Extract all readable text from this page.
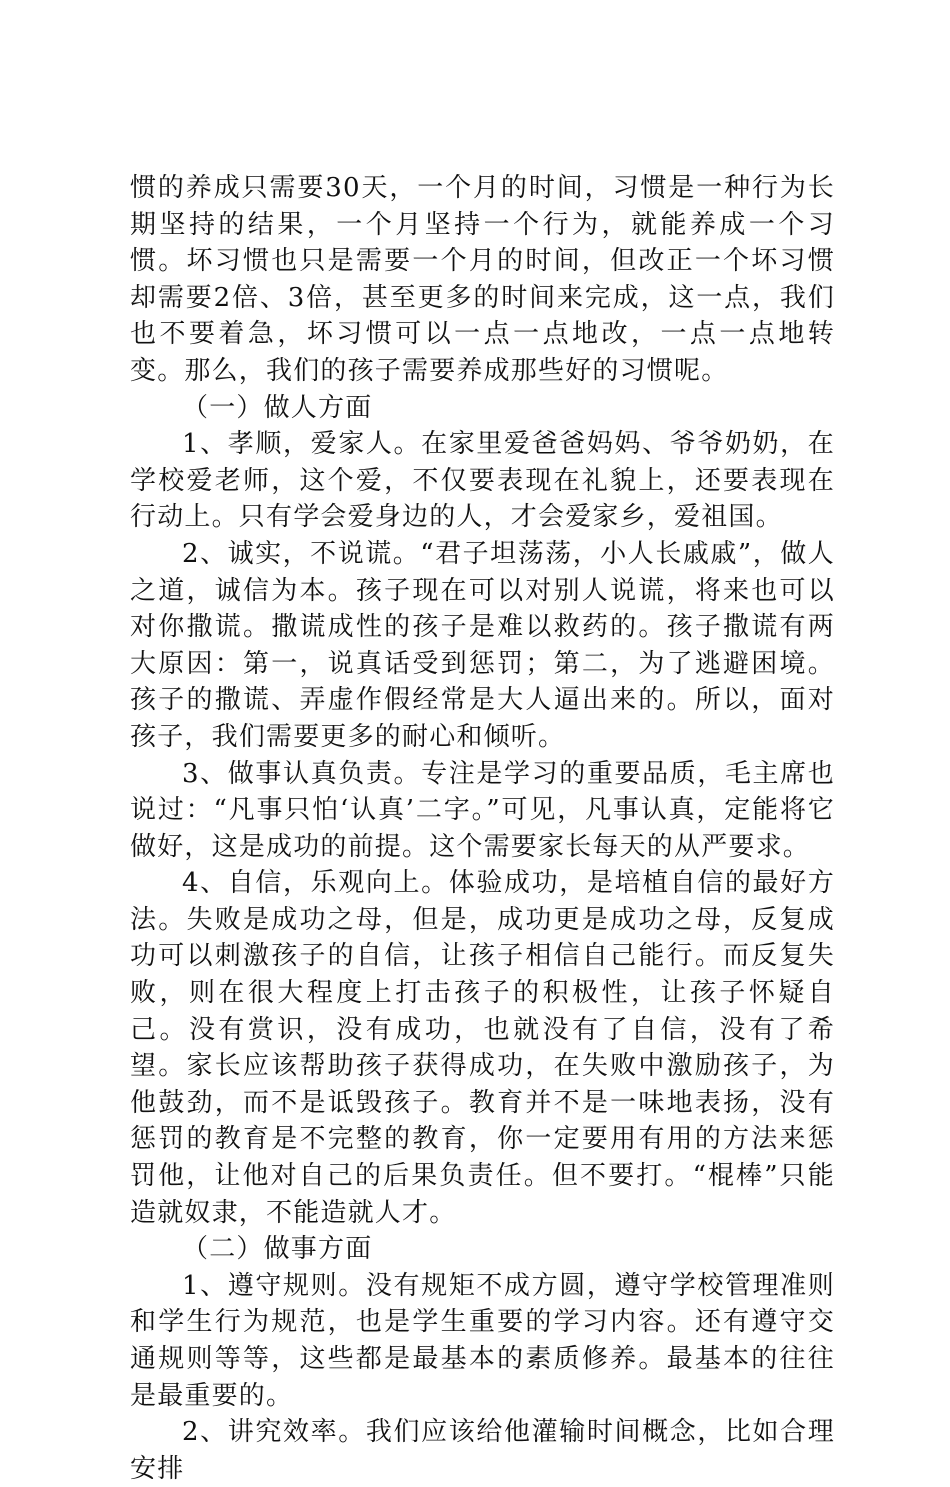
惯的养成只需要30天，一个月的时间，习惯是一种行为长期坚持的结果，一个月坚持一个行为，就能养成一个习惯。坏习惯也只是需要一个月的时间，但改正一个坏习惯却需要2倍、3倍，甚至更多的时间来完成，这一点，我们也不要着急，坏习惯可以一点一点地改，一点一点地转变。那么，我们的孩子需要养成那些好的习惯呢。

（一）做人方面

1、孝顺，爱家人。在家里爱爸爸妈妈、爷爷奶奶，在学校爱老师，这个爱，不仅要表现在礼貌上，还要表现在行动上。只有学会爱身边的人，才会爱家乡，爱祖国。

2、诚实，不说谎。“君子坦荡荡，小人长戚戚”，做人之道，诚信为本。孩子现在可以对别人说谎，将来也可以对你撒谎。撒谎成性的孩子是难以救药的。孩子撒谎有两大原因：第一，说真话受到惩罚；第二，为了逃避困境。孩子的撒谎、弄虚作假经常是大人逼出来的。所以，面对孩子，我们需要更多的耐心和倾听。

3、做事认真负责。专注是学习的重要品质，毛主席也说过：“凡事只怕‘认真’二字。”可见，凡事认真，定能将它做好，这是成功的前提。这个需要家长每天的从严要求。

4、自信，乐观向上。体验成功，是培植自信的最好方法。失败是成功之母，但是，成功更是成功之母，反复成功可以刺激孩子的自信，让孩子相信自己能行。而反复失败，则在很大程度上打击孩子的积极性，让孩子怀疑自己。没有赏识，没有成功，也就没有了自信，没有了希望。家长应该帮助孩子获得成功，在失败中激励孩子，为他鼓劲，而不是诋毁孩子。教育并不是一味地表扬，没有惩罚的教育是不完整的教育，你一定要用有用的方法来惩罚他，让他对自己的后果负责任。但不要打。“棍棒”只能造就奴隶，不能造就人才。

（二）做事方面

1、遵守规则。没有规矩不成方圆，遵守学校管理准则和学生行为规范，也是学生重要的学习内容。还有遵守交通规则等等，这些都是最基本的素质修养。最基本的往往是最重要的。

2、讲究效率。我们应该给他灌输时间概念，比如合理安排
